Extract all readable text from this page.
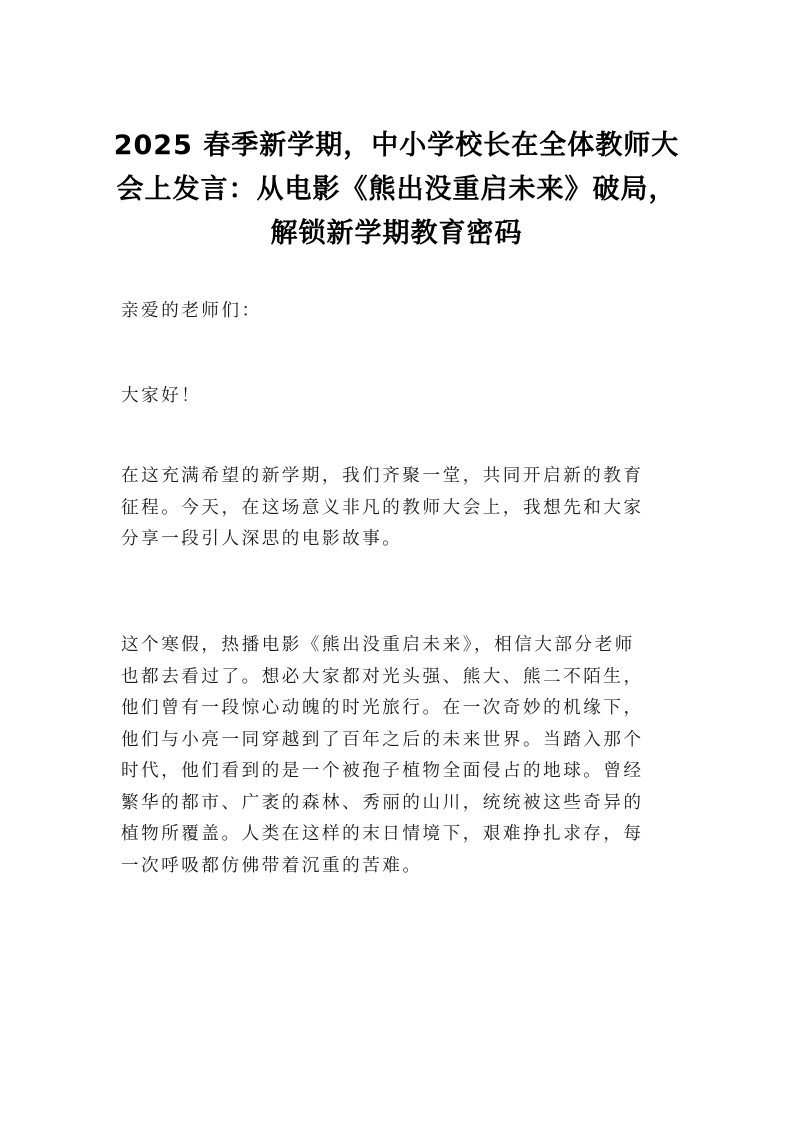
2025 春季新学期，中小学校长在全体教师大
会上发言：从电影《熊出没重启未来》破局，
解锁新学期教育密码
亲爱的老师们：
大家好！
在这充满希望的新学期，我们齐聚一堂，共同开启新的教育
征程。今天，在这场意义非凡的教师大会上，我想先和大家
分享一段引人深思的电影故事。
这个寒假，热播电影《熊出没重启未来》，相信大部分老师
也都去看过了。想必大家都对光头强、熊大、熊二不陌生，
他们曾有一段惊心动魄的时光旅行。在一次奇妙的机缘下，
他们与小亮一同穿越到了百年之后的未来世界。当踏入那个
时代，他们看到的是一个被孢子植物全面侵占的地球。曾经
繁华的都市、广袤的森林、秀丽的山川，统统被这些奇异的
植物所覆盖。人类在这样的末日情境下，艰难挣扎求存，每
一次呼吸都仿佛带着沉重的苦难。
